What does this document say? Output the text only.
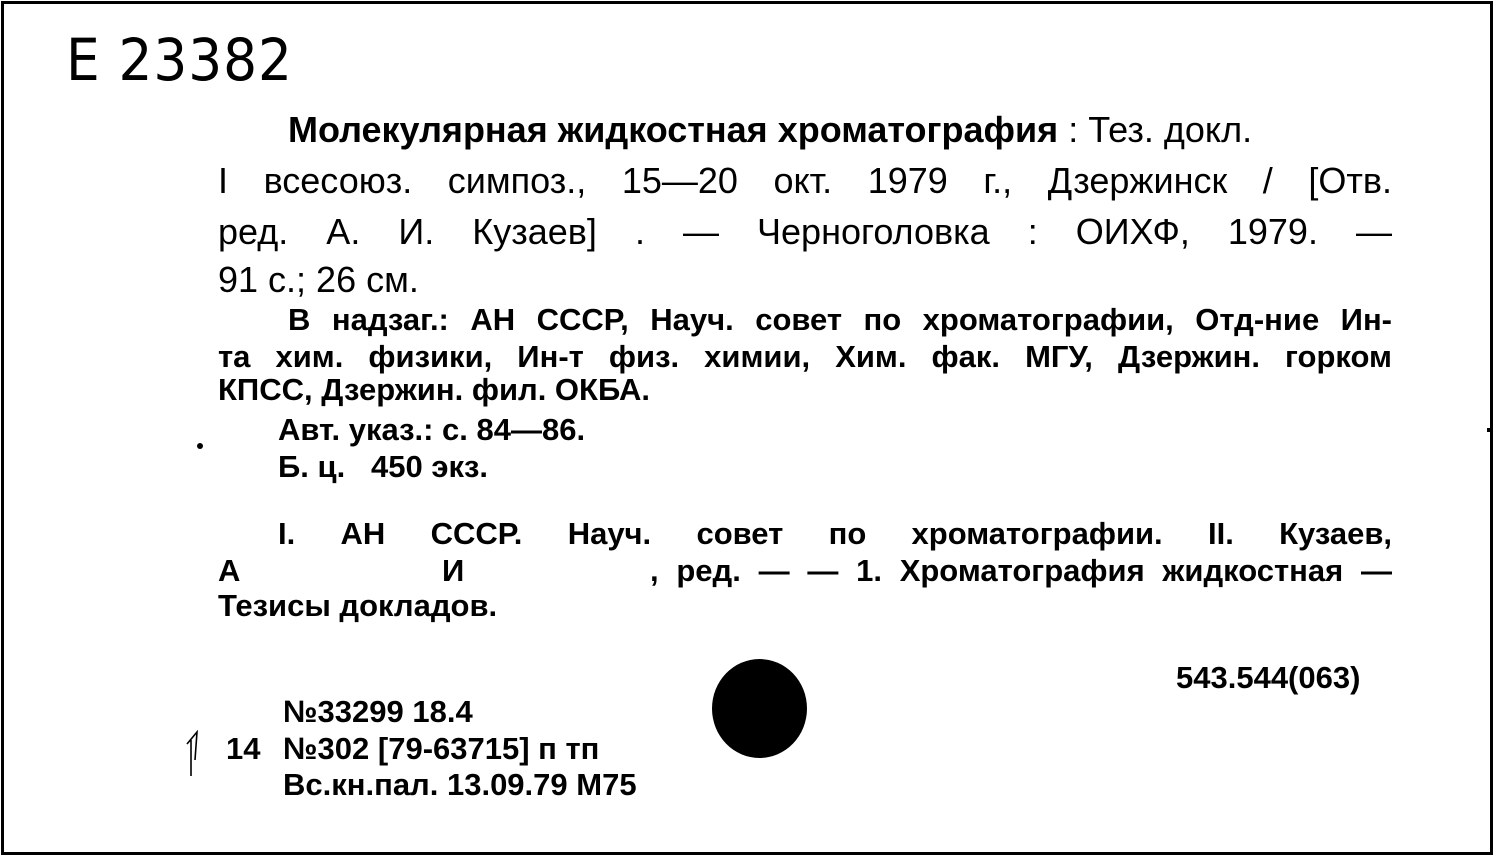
E 23382
Молекулярная жидкостная хроматография : Тез. докл.
I всесоюз. симпоз., 15—20 окт. 1979 г., Дзержинск / [Отв.
ред. А. И. Кузаев] . — Черноголовка : ОИХФ, 1979. —
91 с.; 26 см.
В надзаг.: АН СССР, Науч. совет по хроматографии, Отд-ние Ин-
та хим. физики, Ин-т физ. химии, Хим. фак. МГУ, Дзержин. горком
КПСС, Дзержин. фил. ОКБА.
Авт. указ.: с. 84—86.
Б. ц.   450 экз.
I. АН СССР. Науч. совет по хроматографии. II. Кузаев,
А	И	, ред. — — 1. Хроматография жидкостная —
Тезисы докладов.
543.544(063)
№33299 18.4
14 №302 [79-63715] п тп
Вс.кн.пал. 13.09.79 М75
